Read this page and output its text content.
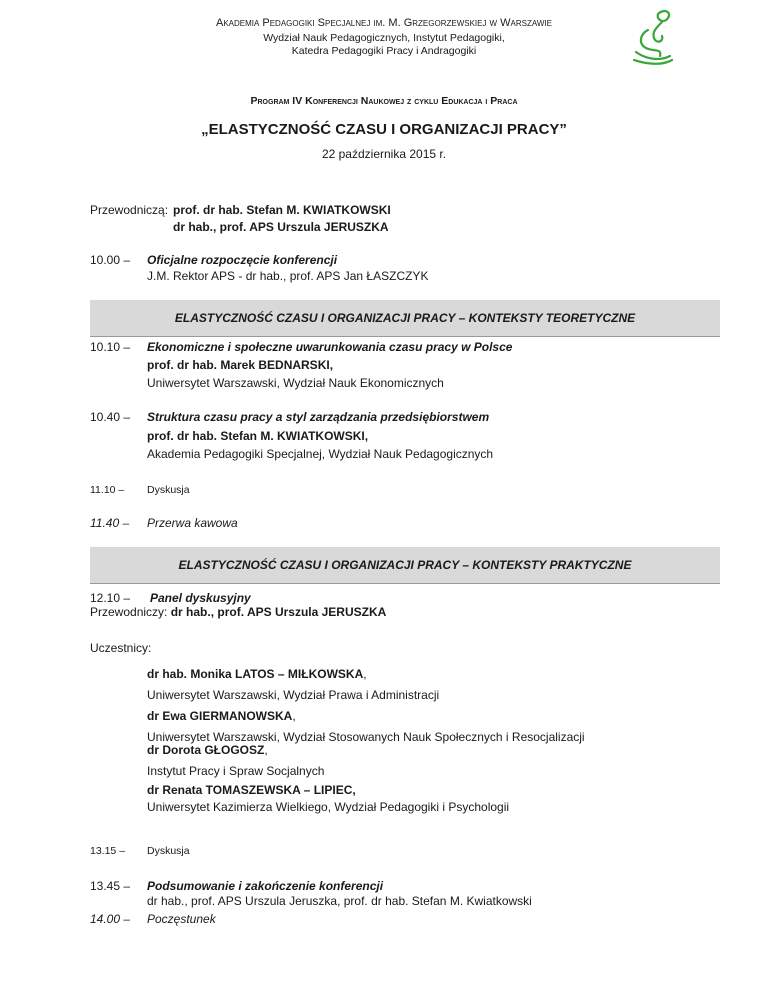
Akademia Pedagogiki Specjalnej im. M. Grzegorzewskiej w Warszawie
Wydział Nauk Pedagogicznych, Instytut Pedagogiki,
Katedra Pedagogiki Pracy i Andragogiki
Program IV Konferencji Naukowej z cyklu Edukacja i Praca
„ELASTYCZNOŚĆ CZASU I ORGANIZACJI PRACY”
22 października 2015 r.
Przewodniczą: prof. dr hab. Stefan M. KWIATKOWSKI
dr hab., prof. APS Urszula JERUSZKA
10.00 – Oficjalne rozpoczęcie konferencji
J.M. Rektor APS - dr hab., prof. APS Jan ŁASZCZYK
ELASTYCZNOŚĆ CZASU I ORGANIZACJI PRACY – KONTEKSTY TEORETYCZNE
10.10 – Ekonomiczne i społeczne uwarunkowania czasu pracy w Polsce
prof. dr hab. Marek BEDNARSKI,
Uniwersytet Warszawski, Wydział Nauk Ekonomicznych
10.40 – Struktura czasu pracy a styl zarządzania przedsiębiorstwem
prof. dr hab. Stefan M. KWIATKOWSKI,
Akademia Pedagogiki Specjalnej, Wydział Nauk Pedagogicznych
11.10 – Dyskusja
11.40 – Przerwa kawowa
ELASTYCZNOŚĆ CZASU I ORGANIZACJI PRACY – KONTEKSTY PRAKTYCZNE
12.10 – Panel dyskusyjny
Przewodniczy: dr hab., prof. APS Urszula JERUSZKA
Uczestnicy:
dr hab. Monika LATOS – MIŁKOWSKA,
Uniwersytet Warszawski, Wydział Prawa i Administracji
dr Ewa GIERMANOWSKA,
Uniwersytet Warszawski, Wydział Stosowanych Nauk Społecznych i Resocjalizacji
dr Dorota GŁOGOSZ,
Instytut Pracy i Spraw Socjalnych
dr Renata TOMASZEWSKA – LIPIEC,
Uniwersytet Kazimierza Wielkiego, Wydział Pedagogiki i Psychologii
13.15 – Dyskusja
13.45 – Podsumowanie i zakończenie konferencji
dr hab., prof. APS Urszula Jeruszka, prof. dr hab. Stefan M. Kwiatkowski
14.00 – Poczęstunek
